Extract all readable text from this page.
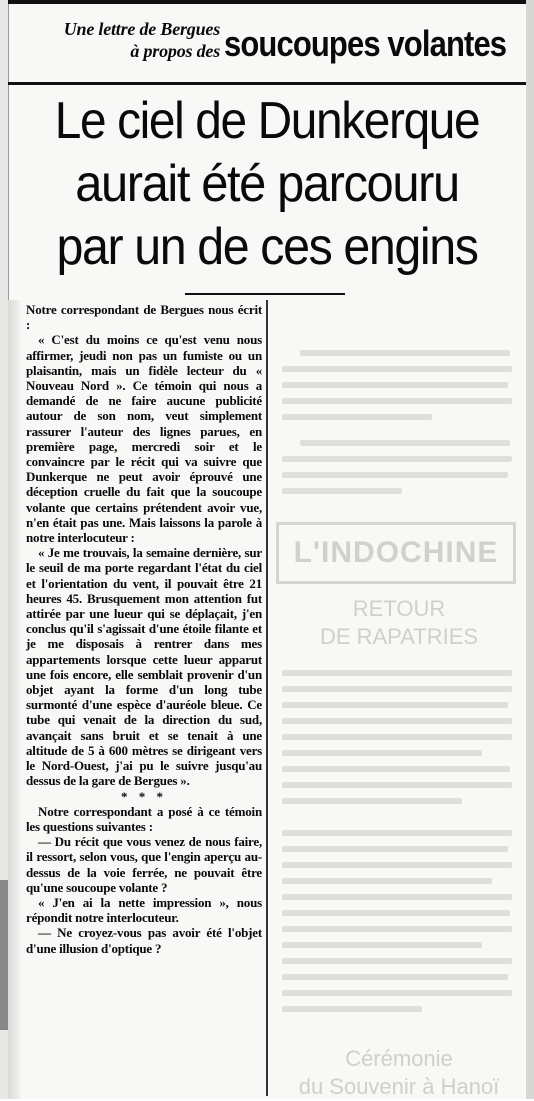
Une lettre de Bergues
à propos des soucoupes volantes
Le ciel de Dunkerque
aurait été parcouru
par un de ces engins

Notre correspondant de Bergues nous écrit :

« C'est du moins ce qu'est venu nous affirmer, jeudi non pas un fumiste ou un plaisantin, mais un fidèle lecteur du « Nouveau Nord ». Ce témoin qui nous a demandé de ne faire aucune publicité autour de son nom, veut simplement rassurer l'auteur des lignes parues, en première page, mercredi soir et le convaincre par le récit qui va suivre que Dunkerque ne peut avoir éprouvé une déception cruelle du fait que la soucoupe volante que certains prétendent avoir vue, n'en était pas une. Mais laissons la parole à notre interlocuteur :

« Je me trouvais, la semaine dernière, sur le seuil de ma porte regardant l'état du ciel et l'orientation du vent, il pouvait être 21 heures 45. Brusquement mon attention fut attirée par une lueur qui se déplaçait, j'en conclus qu'il s'agissait d'une étoile filante et je me disposais à rentrer dans mes appartements lorsque cette lueur apparut une fois encore, elle semblait provenir d'un objet ayant la forme d'un long tube surmonté d'une espèce d'auréole bleue. Ce tube qui venait de la direction du sud, avançait sans bruit et se tenait à une altitude de 5 à 600 mètres se dirigeant vers le Nord-Ouest, j'ai pu le suivre jusqu'au dessus de la gare de Bergues ».

* * *

Notre correspondant a posé à ce témoin les questions suivantes :

— Du récit que vous venez de nous faire, il ressort, selon vous, que l'engin aperçu au-dessus de la voie ferrée, ne pouvait être qu'une soucoupe volante ?

« J'en ai la nette impression », nous répondit notre interlocuteur.

— Ne croyez-vous pas avoir été l'objet d'une illusion d'optique ?

L'INDOCHINE
RETOUR
DE RAPATRIES
Cérémonie
du Souvenir à Hanoï
